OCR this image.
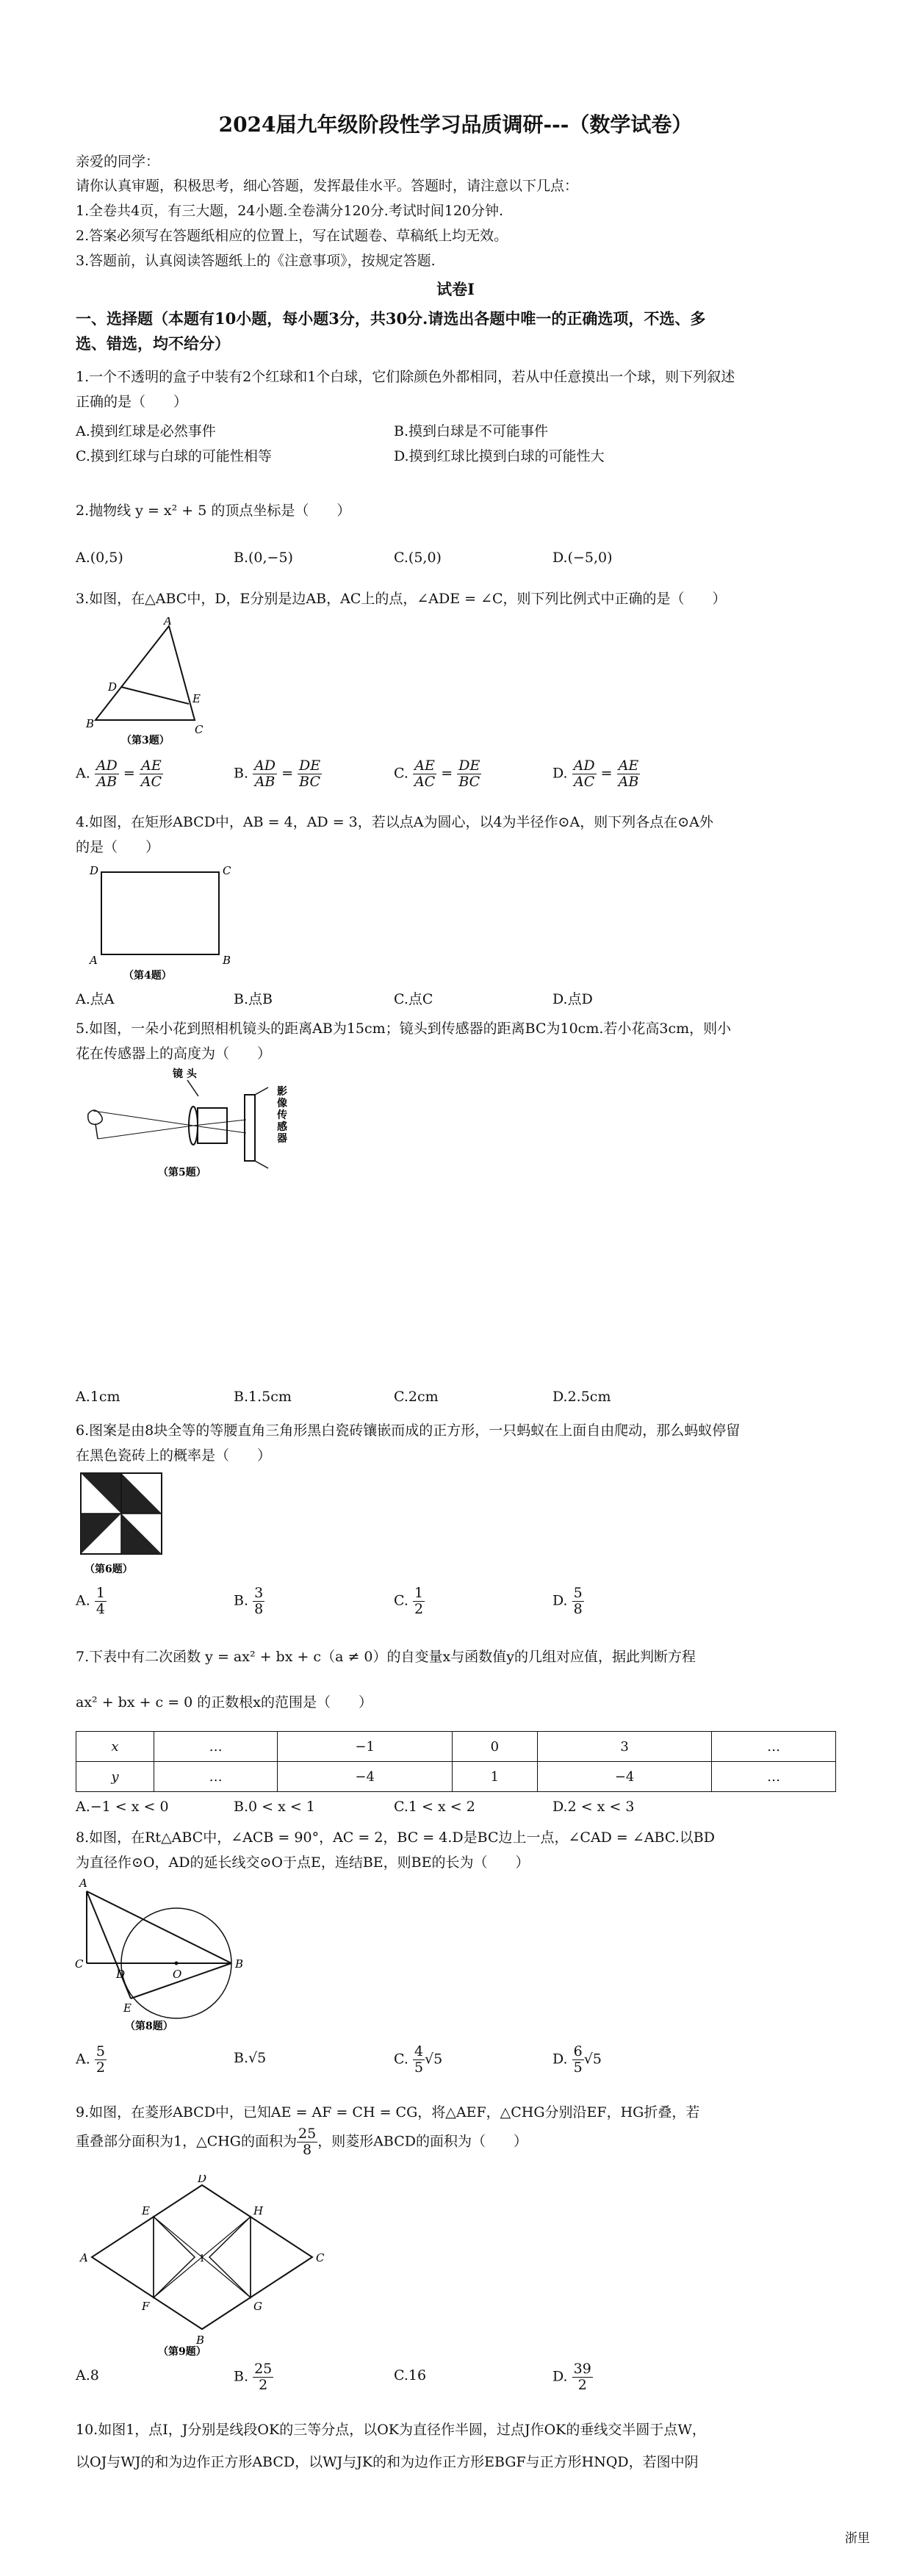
2024届九年级阶段性学习品质调研---（数学试卷）
亲爱的同学：
请你认真审题，积极思考，细心答题，发挥最佳水平。答题时，请注意以下几点：
1.全卷共4页，有三大题，24小题.全卷满分120分.考试时间120分钟.
2.答案必须写在答题纸相应的位置上，写在试题卷、草稿纸上均无效。
3.答题前，认真阅读答题纸上的《注意事项》，按规定答题.
试卷Ⅰ
一、选择题（本题有10小题，每小题3分，共30分.请选出各题中唯一的正确选项，不选、多
选、错选，均不给分）
1.一个不透明的盒子中装有2个红球和1个白球，它们除颜色外都相同，若从中任意摸出一个球，则下列叙述
正确的是（　　）
A.摸到红球是必然事件	B.摸到白球是不可能事件
C.摸到红球与白球的可能性相等	D.摸到红球比摸到白球的可能性大
2.抛物线 y = x² + 5 的顶点坐标是（　　）
A.(0,5)	B.(0,−5)	C.(5,0)	D.(−5,0)
3.如图，在△ABC中，D，E分别是边AB，AC上的点，∠ADE = ∠C，则下列比例式中正确的是（　　）
A
D
E
B	C
（第3题）
A. $\frac{AD}{AB} = \frac{AE}{AC}$	B. $\frac{AD}{AB} = \frac{DE}{BC}$	C. $\frac{AE}{AC} = \frac{DE}{BC}$	D. $\frac{AD}{AC} = \frac{AE}{AB}$
4.如图，在矩形ABCD中，AB = 4，AD = 3，若以点A为圆心，以4为半径作⊙A，则下列各点在⊙A外
的是（　　）
D	C
A	B
（第4题）
A.点A	B.点B	C.点C	D.点D
5.如图，一朵小花到照相机镜头的距离AB为15cm；镜头到传感器的距离BC为10cm.若小花高3cm，则小
花在传感器上的高度为（　　）
镜 头
影像传感器
（第5题）
A.1cm	B.1.5cm	C.2cm	D.2.5cm
6.图案是由8块全等的等腰直角三角形黑白瓷砖镶嵌而成的正方形，一只蚂蚁在上面自由爬动，那么蚂蚁停留
在黑色瓷砖上的概率是（　　）
（第6题）
A. $\frac{1}{4}$	B. $\frac{3}{8}$	C. $\frac{1}{2}$	D. $\frac{5}{8}$
7.下表中有二次函数 y = ax² + bx + c（a ≠ 0）的自变量x与函数值y的几组对应值，据此判断方程
ax² + bx + c = 0 的正数根x的范围是（　　）
x	…	−1	0	3	…
y	…	−4	1	−4	…
A.−1 < x < 0	B.0 < x < 1	C.1 < x < 2	D.2 < x < 3
8.如图，在Rt△ABC中，∠ACB = 90°，AC = 2，BC = 4.D是BC边上一点，∠CAD = ∠ABC.以BD
为直径作⊙O，AD的延长线交⊙O于点E，连结BE，则BE的长为（　　）
A
C
D	O
B
E
（第8题）
A. $\frac{5}{2}$	B.√5	C. $\frac{4}{5} √5$	D. $\frac{6}{5} √5$
9.如图，在菱形ABCD中，已知AE = AF = CH = CG，将△AEF，△CHG分别沿EF，HG折叠，若
重叠部分面积为1，△CHG的面积为 $\frac{25}{8}$ ，则菱形ABCD的面积为（　　）
A
D
C
B
E	H
F	G
1
（第9题）
A.8	B. $\frac{25}{2}$	C.16	D. $\frac{39}{2}$
10.如图1，点I，J分别是线段OK的三等分点，以OK为直径作半圆，过点J作OK的垂线交半圆于点W，
以OJ与WJ的和为边作正方形ABCD，以WJ与JK的和为边作正方形EBGF与正方形HNQD，若图中阴
浙里
